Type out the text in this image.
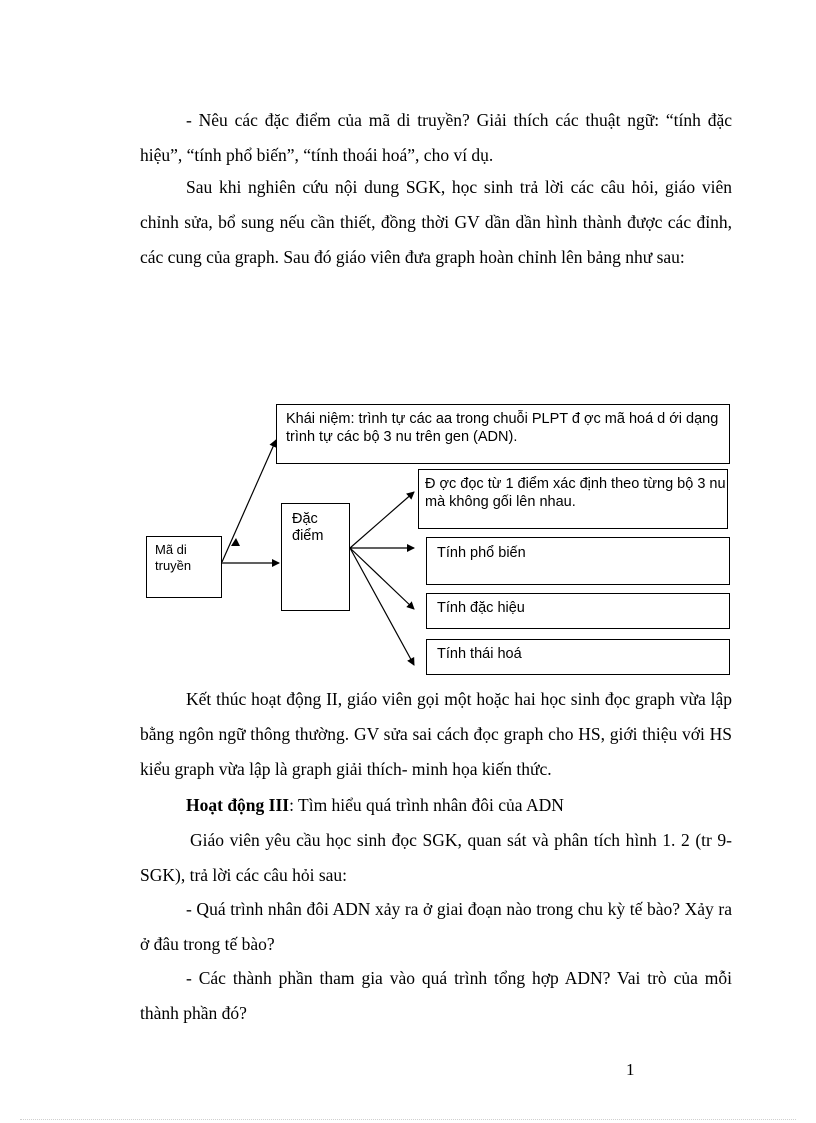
- Nêu các đặc điểm của mã di truyền? Giải thích các thuật ngữ: “tính đặc hiệu”, “tính phổ biến”, “tính thoái hoá”, cho ví dụ.

Sau khi nghiên cứu nội dung SGK, học sinh trả lời các câu hỏi, giáo viên chỉnh sửa, bổ sung nếu cần thiết, đồng thời GV dần dần hình thành được các đỉnh, các cung của graph. Sau đó giáo viên đưa graph hoàn chỉnh lên bảng như sau:

Mã di truyền
Khái niệm: trình tự các aa trong chuỗi PLPT đ ợc mã hoá d ới dạng trình tự các bộ 3 nu trên gen (ADN).
Đặc điểm
Đ ợc đọc từ 1 điểm xác định theo từng bộ 3 nu mà không gối lên nhau.
Tính phổ biến
Tính đặc hiệu
Tính thái hoá

Kết thúc hoạt động II, giáo viên gọi một hoặc hai học sinh đọc graph vừa lập bằng ngôn ngữ thông thường. GV sửa sai cách đọc graph cho HS, giới thiệu với HS kiểu graph vừa lập là graph giải thích- minh họa kiến thức.

Hoạt động III: Tìm hiểu quá trình nhân đôi của ADN

Giáo viên yêu cầu học sinh đọc SGK, quan sát và phân tích hình 1. 2 (tr 9- SGK), trả lời các câu hỏi sau:

- Quá trình nhân đôi ADN xảy ra ở giai đoạn nào trong chu kỳ tế bào? Xảy ra ở đâu trong tế bào?

- Các thành phần tham gia vào quá trình tổng hợp ADN? Vai trò của mỗi thành phần đó?

1
